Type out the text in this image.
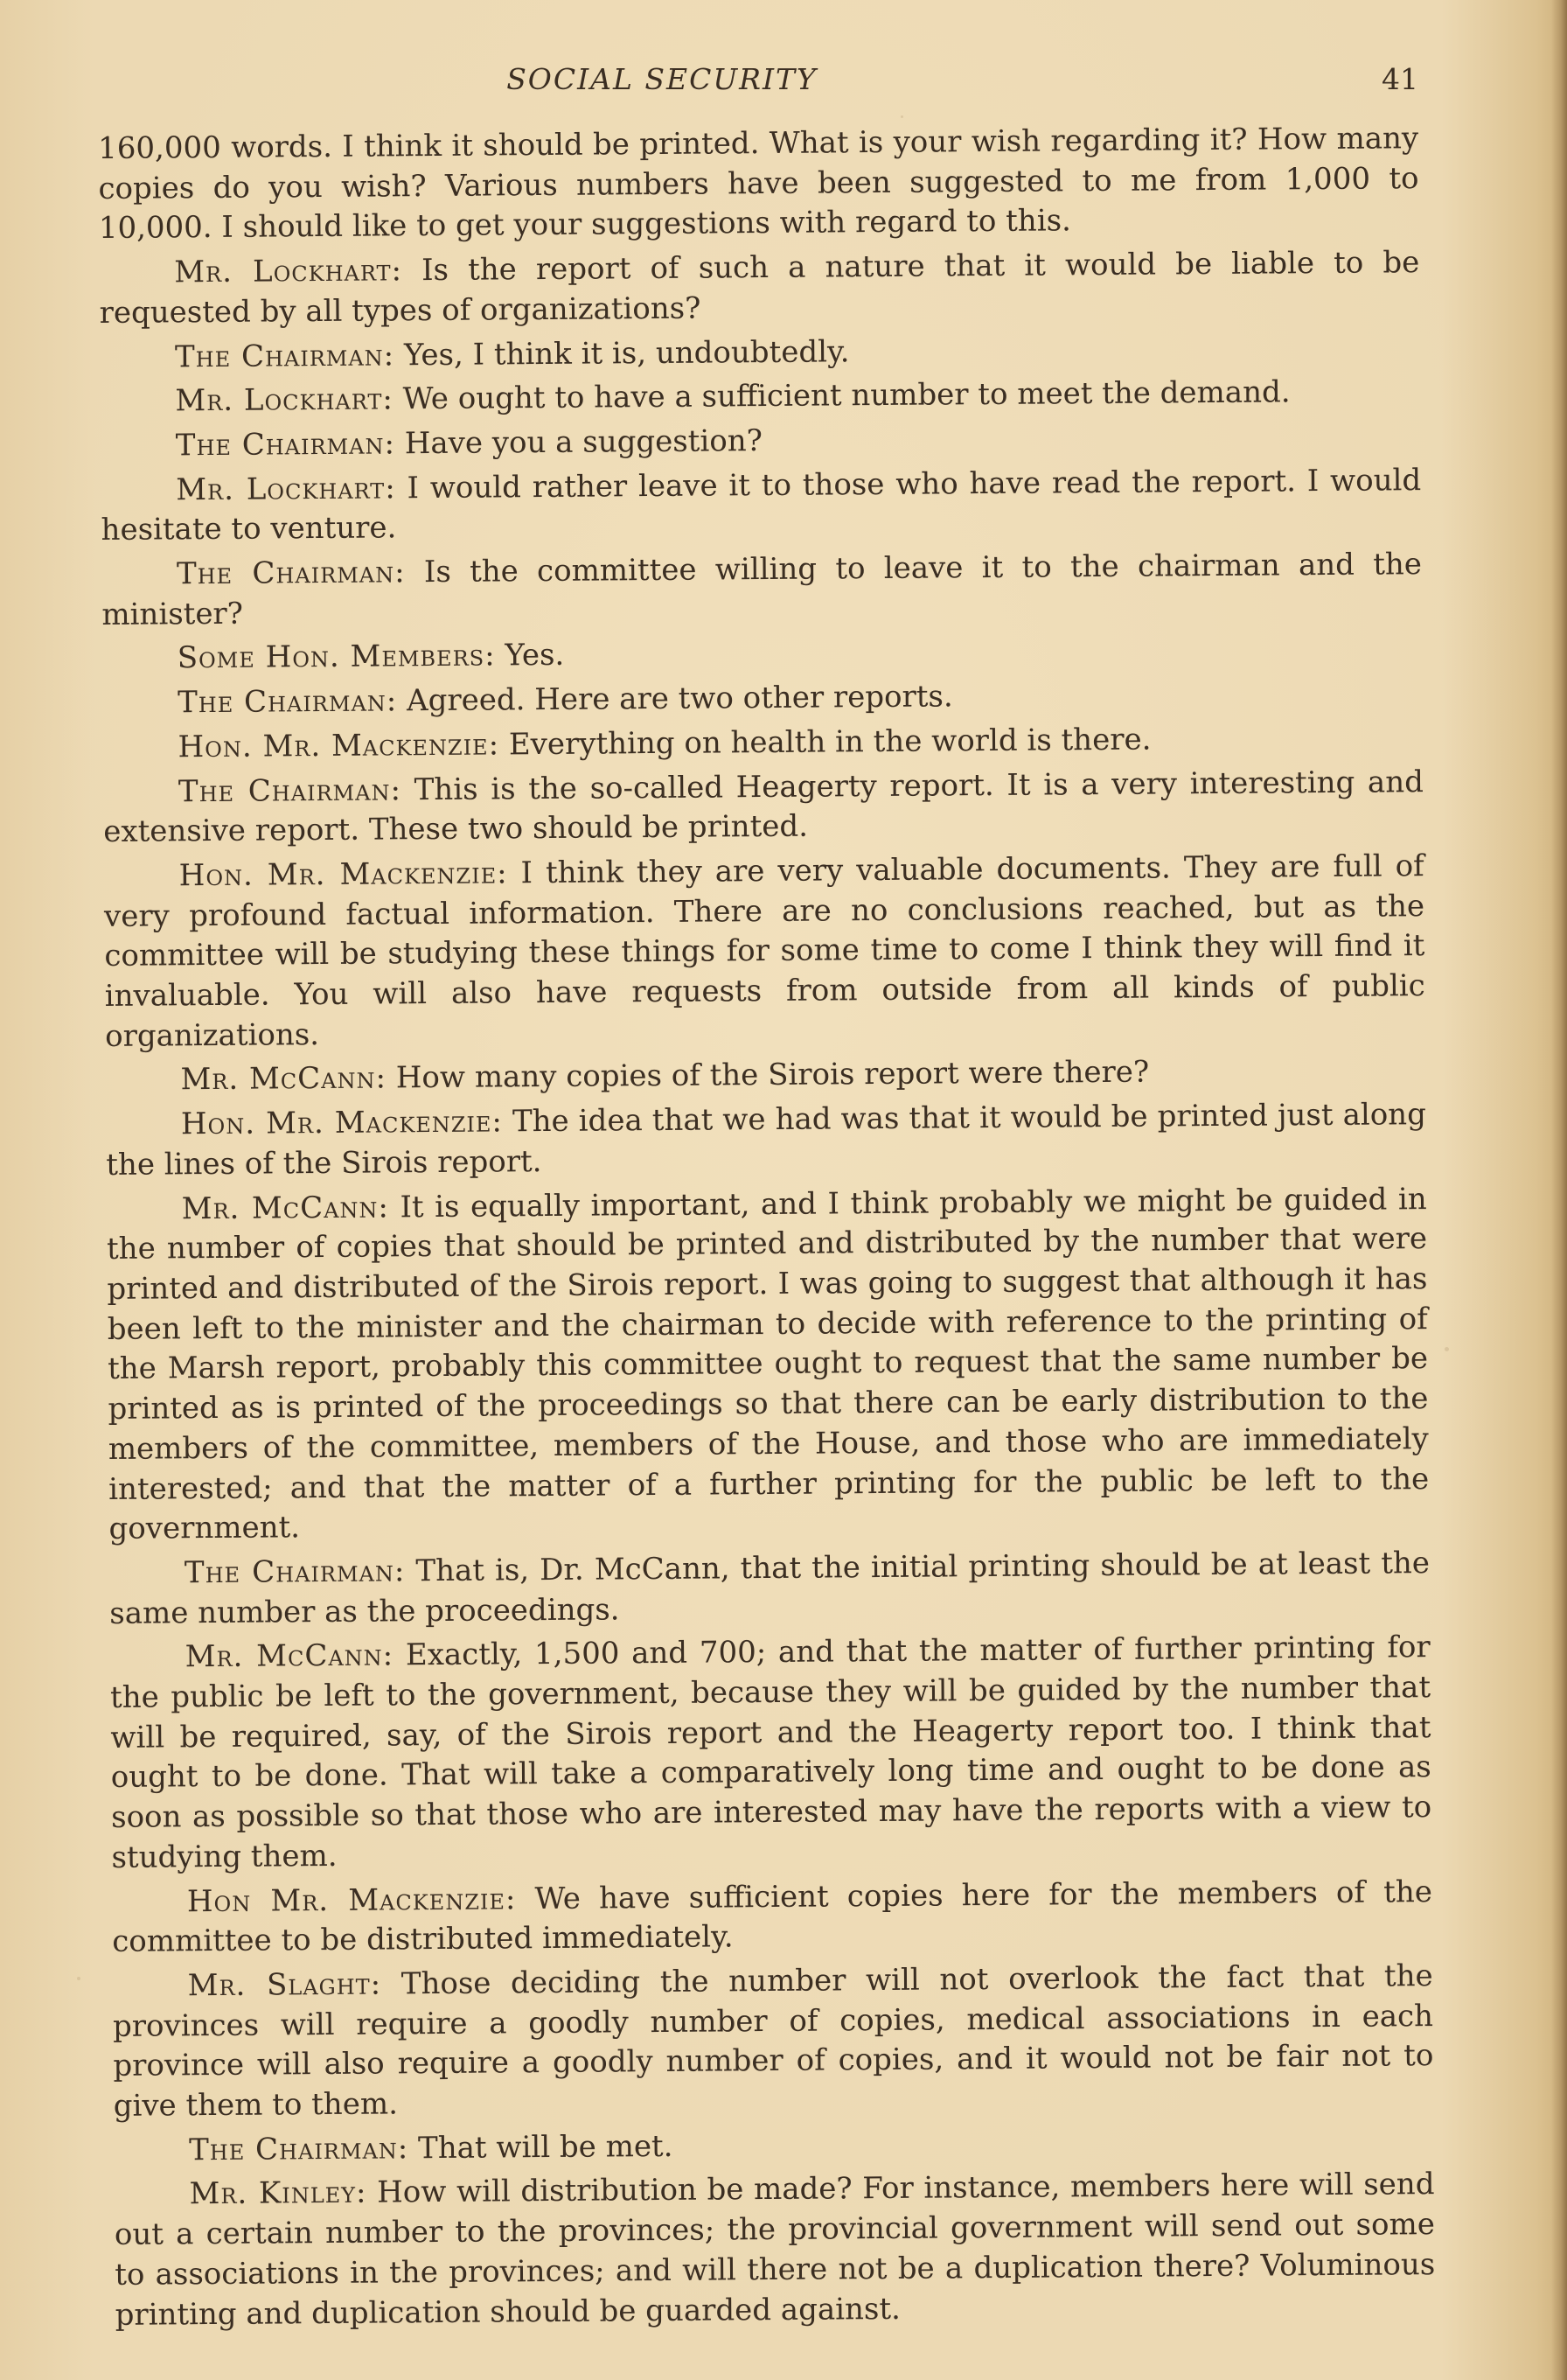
SOCIAL SECURITY	41

160,000 words. I think it should be printed. What is your wish regarding it? How many copies do you wish? Various numbers have been suggested to me from 1,000 to 10,000. I should like to get your suggestions with regard to this.

Mr. Lockhart: Is the report of such a nature that it would be liable to be requested by all types of organizations?

The Chairman: Yes, I think it is, undoubtedly.

Mr. Lockhart: We ought to have a sufficient number to meet the demand.

The Chairman: Have you a suggestion?

Mr. Lockhart: I would rather leave it to those who have read the report. I would hesitate to venture.

The Chairman: Is the committee willing to leave it to the chairman and the minister?

Some Hon. Members: Yes.

The Chairman: Agreed. Here are two other reports.

Hon. Mr. Mackenzie: Everything on health in the world is there.

The Chairman: This is the so-called Heagerty report. It is a very interesting and extensive report. These two should be printed.

Hon. Mr. Mackenzie: I think they are very valuable documents. They are full of very profound factual information. There are no conclusions reached, but as the committee will be studying these things for some time to come I think they will find it invaluable. You will also have requests from outside from all kinds of public organizations.

Mr. McCann: How many copies of the Sirois report were there?

Hon. Mr. Mackenzie: The idea that we had was that it would be printed just along the lines of the Sirois report.

Mr. McCann: It is equally important, and I think probably we might be guided in the number of copies that should be printed and distributed by the number that were printed and distributed of the Sirois report. I was going to suggest that although it has been left to the minister and the chairman to decide with reference to the printing of the Marsh report, probably this committee ought to request that the same number be printed as is printed of the proceedings so that there can be early distribution to the members of the committee, members of the House, and those who are immediately interested; and that the matter of a further printing for the public be left to the government.

The Chairman: That is, Dr. McCann, that the initial printing should be at least the same number as the proceedings.

Mr. McCann: Exactly, 1,500 and 700; and that the matter of further printing for the public be left to the government, because they will be guided by the number that will be required, say, of the Sirois report and the Heagerty report too. I think that ought to be done. That will take a comparatively long time and ought to be done as soon as possible so that those who are interested may have the reports with a view to studying them.

Hon Mr. Mackenzie: We have sufficient copies here for the members of the committee to be distributed immediately.

Mr. Slaght: Those deciding the number will not overlook the fact that the provinces will require a goodly number of copies, medical associations in each province will also require a goodly number of copies, and it would not be fair not to give them to them.

The Chairman: That will be met.

Mr. Kinley: How will distribution be made? For instance, members here will send out a certain number to the provinces; the provincial government will send out some to associations in the provinces; and will there not be a duplication there? Voluminous printing and duplication should be guarded against.
